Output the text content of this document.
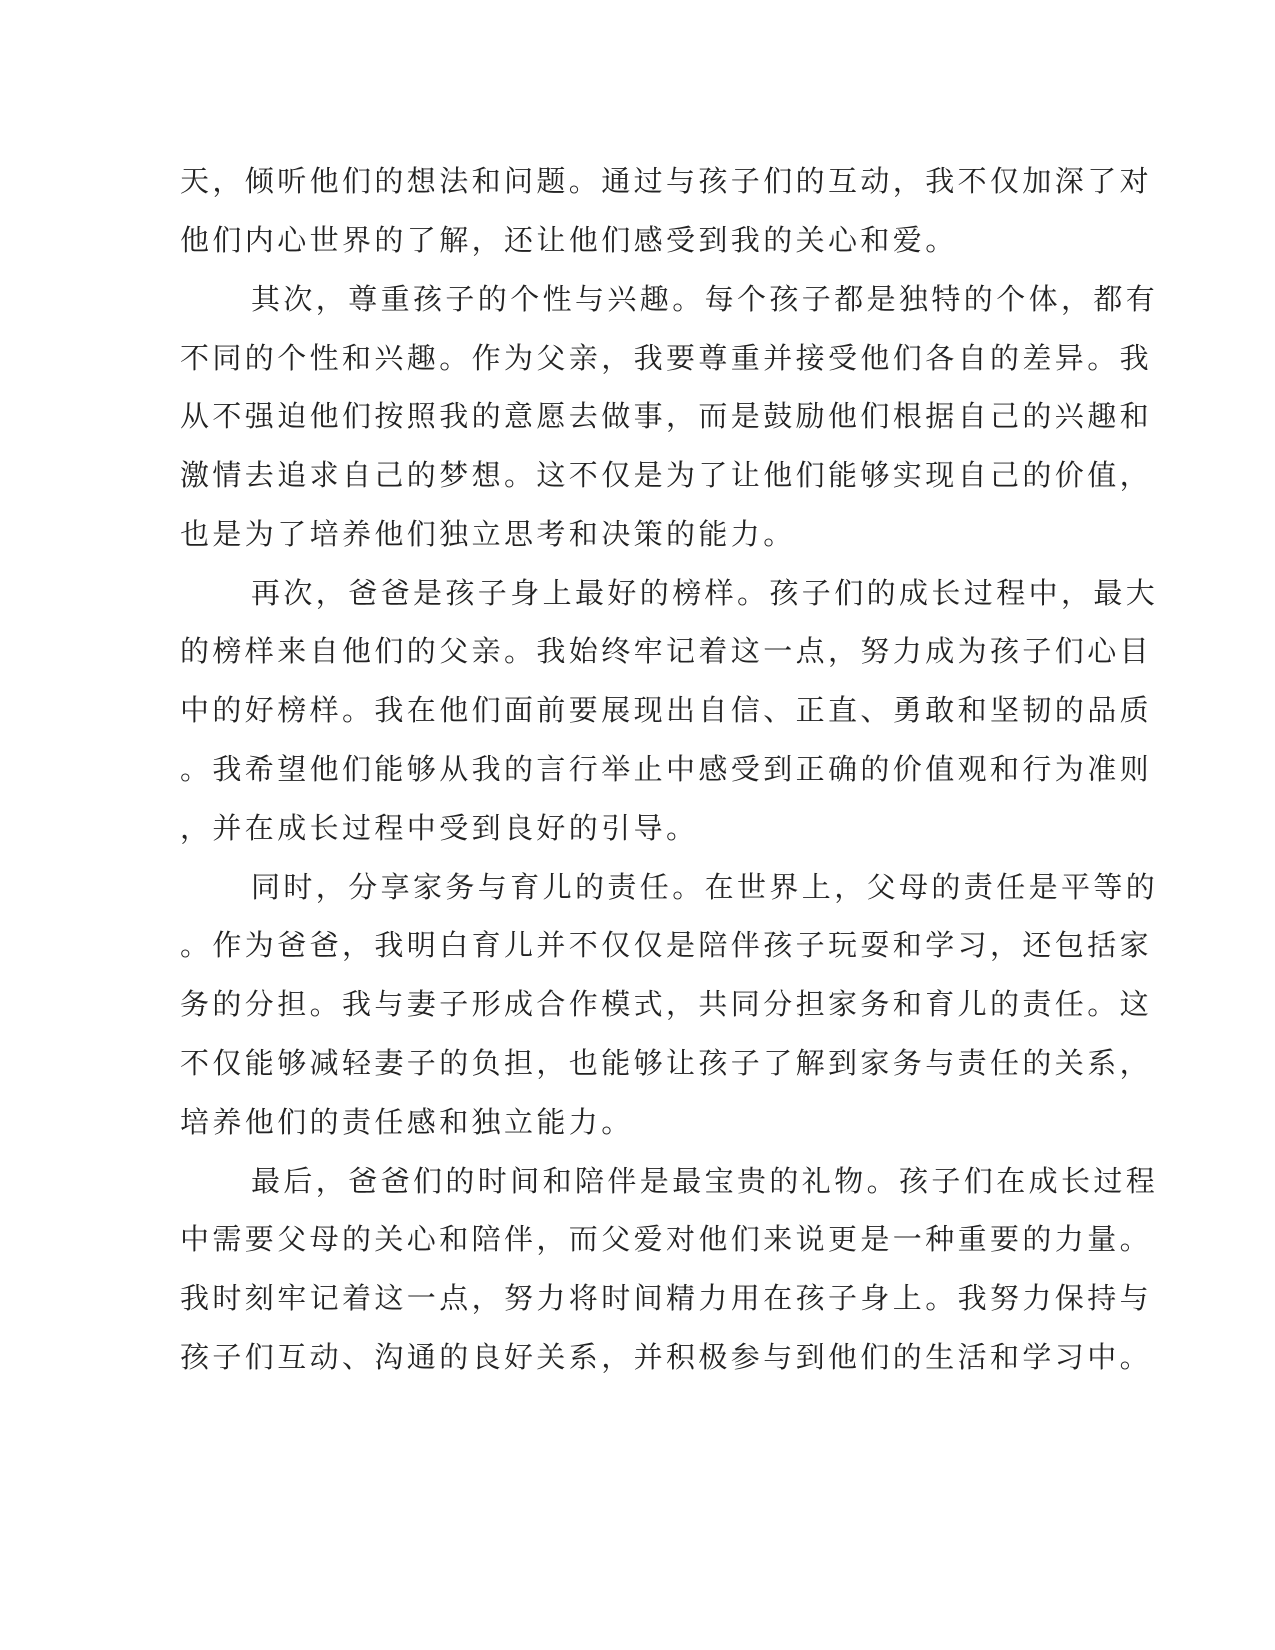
天，倾听他们的想法和问题。通过与孩子们的互动，我不仅加深了对
他们内心世界的了解，还让他们感受到我的关心和爱。
其次，尊重孩子的个性与兴趣。每个孩子都是独特的个体，都有
不同的个性和兴趣。作为父亲，我要尊重并接受他们各自的差异。我
从不强迫他们按照我的意愿去做事，而是鼓励他们根据自己的兴趣和
激情去追求自己的梦想。这不仅是为了让他们能够实现自己的价值，
也是为了培养他们独立思考和决策的能力。
再次，爸爸是孩子身上最好的榜样。孩子们的成长过程中，最大
的榜样来自他们的父亲。我始终牢记着这一点，努力成为孩子们心目
中的好榜样。我在他们面前要展现出自信、正直、勇敢和坚韧的品质
。我希望他们能够从我的言行举止中感受到正确的价值观和行为准则
，并在成长过程中受到良好的引导。
同时，分享家务与育儿的责任。在世界上，父母的责任是平等的
。作为爸爸，我明白育儿并不仅仅是陪伴孩子玩耍和学习，还包括家
务的分担。我与妻子形成合作模式，共同分担家务和育儿的责任。这
不仅能够减轻妻子的负担，也能够让孩子了解到家务与责任的关系，
培养他们的责任感和独立能力。
最后，爸爸们的时间和陪伴是最宝贵的礼物。孩子们在成长过程
中需要父母的关心和陪伴，而父爱对他们来说更是一种重要的力量。
我时刻牢记着这一点，努力将时间精力用在孩子身上。我努力保持与
孩子们互动、沟通的良好关系，并积极参与到他们的生活和学习中。
